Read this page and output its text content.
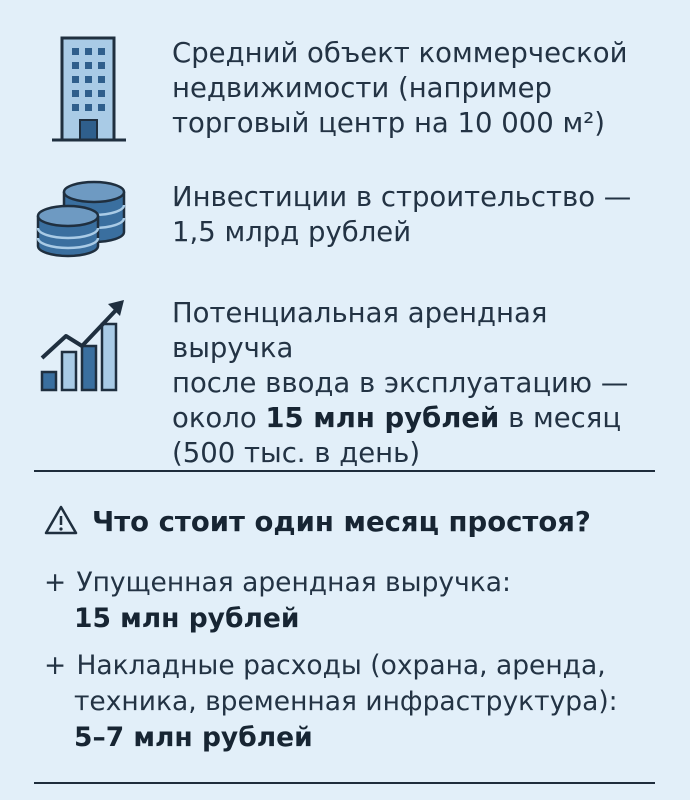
Средний объект коммерческой
недвижимости (например
торговый центр на 10 000 м²)
Инвестиции в строительство —
1,5 млрд рублей
Потенциальная арендная выручка
после ввода в эксплуатацию —
около 15 млн рублей в месяц
(500 тыс. в день)
Что стоит один месяц простоя?
+ Упущенная арендная выручка:
15 млн рублей
+ Накладные расходы (охрана, аренда,
техника, временная инфраструктура):
5–7 млн рублей
